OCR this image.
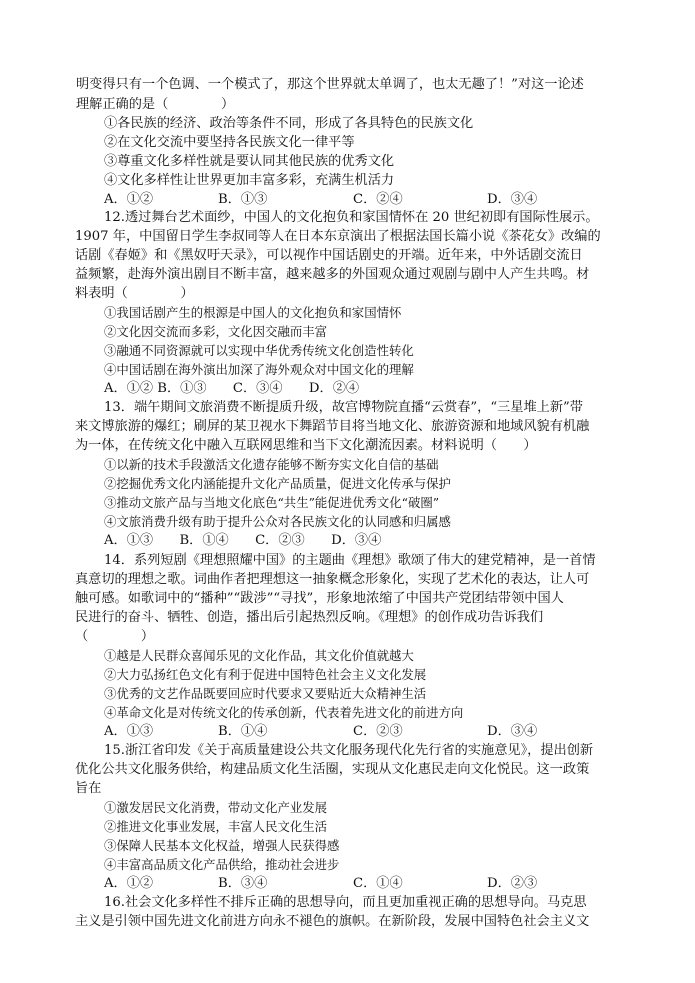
明变得只有一个色调、一个模式了，那这个世界就太单调了，也太无趣了！”对这一论述
理解正确的是（　　　　）
①各民族的经济、政治等条件不同，形成了各具特色的民族文化
②在文化交流中要坚持各民族文化一律平等
③尊重文化多样性就是要认同其他民族的优秀文化
④文化多样性让世界更加丰富多彩，充满生机活力
A．①②	B．①③	C．②④	D．③④
12.透过舞台艺术面纱，中国人的文化抱负和家国情怀在 20 世纪初即有国际性展示。
1907 年，中国留日学生李叔同等人在日本东京演出了根据法国长篇小说《茶花女》改编的
话剧《春姬》和《黑奴吁天录》，可以视作中国话剧史的开端。近年来，中外话剧交流日
益频繁，赴海外演出剧目不断丰富，越来越多的外国观众通过观剧与剧中人产生共鸣。材
料表明（　　　　）
①我国话剧产生的根源是中国人的文化抱负和家国情怀
②文化因交流而多彩，文化因交融而丰富
③融通不同资源就可以实现中华优秀传统文化创造性转化
④中国话剧在海外演出加深了海外观众对中国文化的理解
A．①② B．①③　　C．③④　　D．②④
13．端午期间文旅消费不断提质升级，故宫博物院直播“云赏春”，“三星堆上新”带
来文博旅游的爆红；刷屏的某卫视水下舞蹈节目将当地文化、旅游资源和地域风貌有机融
为一体，在传统文化中融入互联网思维和当下文化潮流因素。材料说明（　　）
①以新的技术手段激活文化遗存能够不断夯实文化自信的基础
②挖掘优秀文化内涵能提升文化产品质量，促进文化传承与保护
③推动文旅产品与当地文化底色“共生”能促进优秀文化“破圈”
④文旅消费升级有助于提升公众对各民族文化的认同感和归属感
A．①③　　B．①④　　C．②③　　D．③④
14．系列短剧《理想照耀中国》的主题曲《理想》歌颂了伟大的建党精神，是一首情
真意切的理想之歌。词曲作者把理想这一抽象概念形象化，实现了艺术化的表达，让人可
触可感。如歌词中的“播种”“跋涉”“寻找”，形象地浓缩了中国共产党团结带领中国人
民进行的奋斗、牺牲、创造，播出后引起热烈反响。《理想》的创作成功告诉我们
（　　　　）
①越是人民群众喜闻乐见的文化作品，其文化价值就越大
②大力弘扬红色文化有利于促进中国特色社会主义文化发展
③优秀的文艺作品既要回应时代要求又要贴近大众精神生活
④革命文化是对传统文化的传承创新，代表着先进文化的前进方向
A．①③	B．①④	C．②③	D．③④
15.浙江省印发《关于高质量建设公共文化服务现代化先行省的实施意见》，提出创新
优化公共文化服务供给，构建品质文化生活圈，实现从文化惠民走向文化悦民。这一政策
旨在
①激发居民文化消费，带动文化产业发展
②推进文化事业发展，丰富人民文化生活
③保障人民基本文化权益，增强人民获得感
④丰富高品质文化产品供给，推动社会进步
A．①②	B．③④	C．①④	D．②③
16.社会文化多样性不排斥正确的思想导向，而且更加重视正确的思想导向。马克思
主义是引领中国先进文化前进方向永不褪色的旗帜。在新阶段，发展中国特色社会主义文
